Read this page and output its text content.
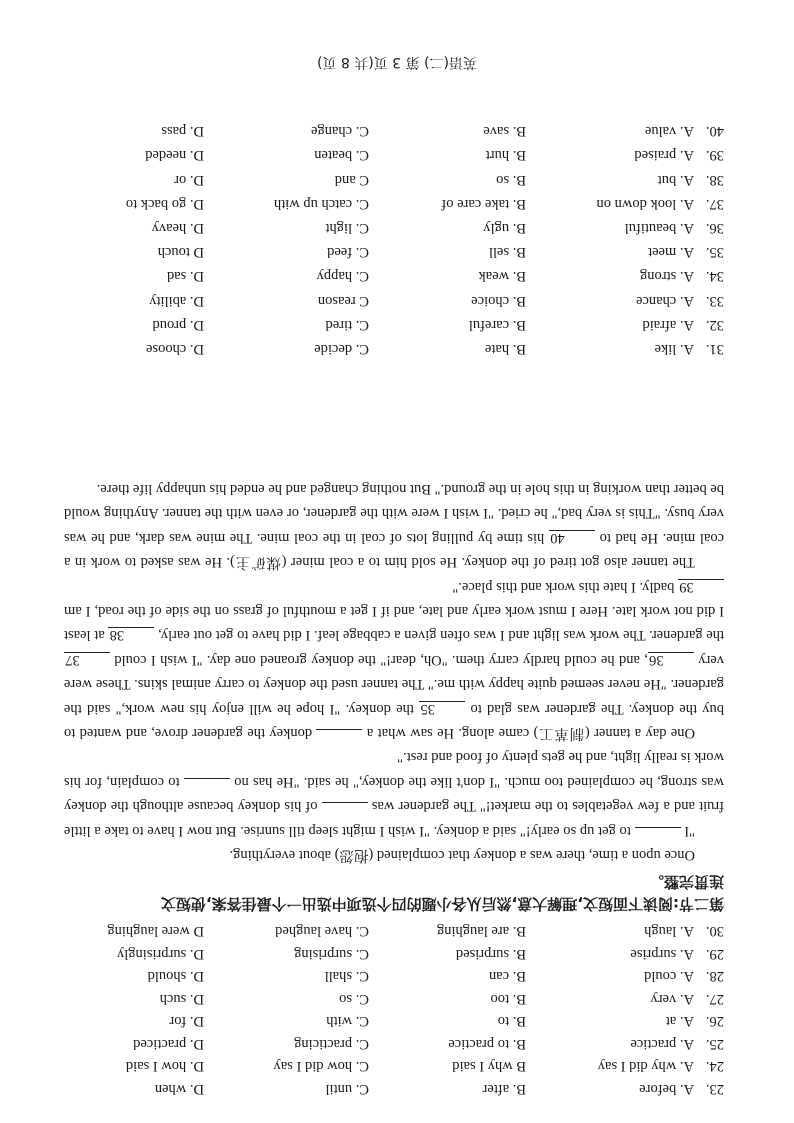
23.
A. before
B. after
C. until
D. when
24.
A. why did I say
B why I said
C. how did I say
D. how I said
25.
A. practice
B. to practice
C. practicing
D. practiced
26.
A. at
B. to
C. with
D. for
27.
A. very
B. too
C. so
D. such
28.
A. could
B. can
C. shall
D. should
29.
A. surprise
B. surprised
C. surprising
D. surprisingly
30.
A. laugh
B. are laughing
C. have laughed
D were laughing
第二节:阅读下面短文,理解大意,然后从各小题的四个选项中选出一个最佳答案,使短文
连贯完整。

Once upon a time, there was a donkey that complained (抱怨) about everything.

"I  to get up so early!" said a donkey. "I wish I might sleep till sunrise. But now I have to take a little fruit and a few vegetables to the market!" The gardener was  of his donkey because although the donkey was strong, he complained too much. "I don't like the donkey," he said. "He has no  to complain, for his work is really light, and he gets plenty of food and rest."

One day a tanner (制革工) came along. He saw what a  donkey the gardener drove, and wanted to buy the donkey. The gardener was glad to 35 the donkey. "I hope he will enjoy his new work," said the gardener. "He never seemed quite happy with me." The tanner used the donkey to carry animal skins. These were very 36, and he could hardly carry them. "Oh, dear!" the donkey groaned one day. "I wish I could 37 the gardener. The work was light and I was often given a cabbage leaf. I did have to get out early, 38 at least I did not work late. Here I must work early and late, and if I get a mouthful of grass on the side of the road, I am 39 badly. I hate this work and this place."

The tanner also got tired of the donkey. He sold him to a coal miner (煤矿主). He was asked to work in a coal mine. He had to 40 his time by pulling lots of coal in the coal mine. The mine was dark, and he was very busy. "This is very bad," he cried. "I wish I were with the gardener, or even with the tanner. Anything would be better than working in this hole in the ground." But nothing changed and he ended his unhappy life there.

31.
A. like
B. hate
C. decide
D. choose
32.
A. afraid
B. careful
C. tired
D. proud
33.
A. chance
B. choice
C reason
D. ability
34.
A. strong
B. weak
C. happy
D. sad
35.
A. meet
B. sell
C. feed
D touch
36.
A. beautiful
B. ugly
C. light
D. heavy
37.
A. look down on
B. take care of
C. catch up with
D. go back to
38.
A. but
B. so
C and
D. or
39.
A. praised
B. hurt
C. beaten
D. needed
40.
A. value
B. save
C. change
D. pass
英语(二) 第 3 页(共 8 页)
